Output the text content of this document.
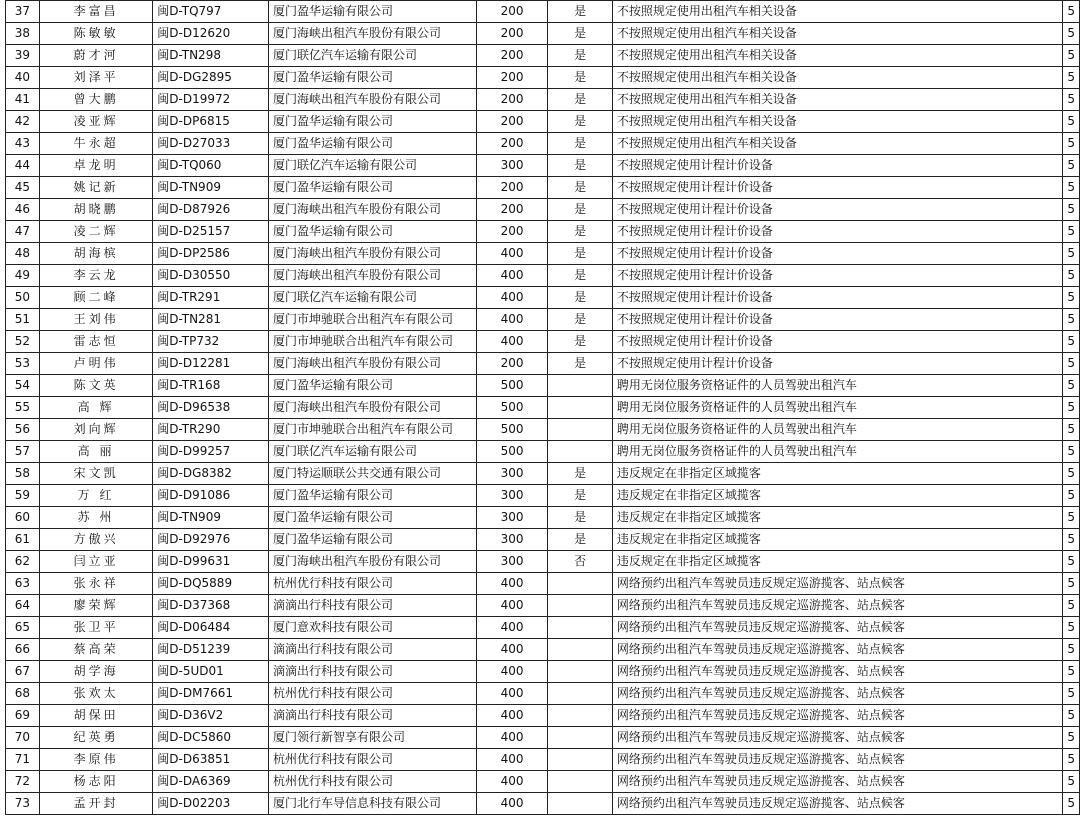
37	李富昌	闽D-TQ797	厦门盈华运输有限公司	200	是	不按照规定使用出租汽车相关设备	5
38	陈敏敏	闽D-D12620	厦门海峡出租汽车股份有限公司	200	是	不按照规定使用出租汽车相关设备	5
39	蔚才河	闽D-TN298	厦门联亿汽车运输有限公司	200	是	不按照规定使用出租汽车相关设备	5
40	刘泽平	闽D-DG2895	厦门盈华运输有限公司	200	是	不按照规定使用出租汽车相关设备	5
41	曾大鹏	闽D-D19972	厦门海峡出租汽车股份有限公司	200	是	不按照规定使用出租汽车相关设备	5
42	凌亚辉	闽D-DP6815	厦门盈华运输有限公司	200	是	不按照规定使用出租汽车相关设备	5
43	牛永超	闽D-D27033	厦门盈华运输有限公司	200	是	不按照规定使用出租汽车相关设备	5
44	卓龙明	闽D-TQ060	厦门联亿汽车运输有限公司	300	是	不按照规定使用计程计价设备	5
45	姚记新	闽D-TN909	厦门盈华运输有限公司	200	是	不按照规定使用计程计价设备	5
46	胡晓鹏	闽D-D87926	厦门海峡出租汽车股份有限公司	200	是	不按照规定使用计程计价设备	5
47	凌二辉	闽D-D25157	厦门盈华运输有限公司	200	是	不按照规定使用计程计价设备	5
48	胡海槟	闽D-DP2586	厦门海峡出租汽车股份有限公司	400	是	不按照规定使用计程计价设备	5
49	李云龙	闽D-D30550	厦门海峡出租汽车股份有限公司	400	是	不按照规定使用计程计价设备	5
50	顾二峰	闽D-TR291	厦门联亿汽车运输有限公司	400	是	不按照规定使用计程计价设备	5
51	王刘伟	闽D-TN281	厦门市坤驰联合出租汽车有限公司	400	是	不按照规定使用计程计价设备	5
52	雷志恒	闽D-TP732	厦门市坤驰联合出租汽车有限公司	400	是	不按照规定使用计程计价设备	5
53	卢明伟	闽D-D12281	厦门海峡出租汽车股份有限公司	200	是	不按照规定使用计程计价设备	5
54	陈文英	闽D-TR168	厦门盈华运输有限公司	500		聘用无岗位服务资格证件的人员驾驶出租汽车	5
55	高 辉	闽D-D96538	厦门海峡出租汽车股份有限公司	500		聘用无岗位服务资格证件的人员驾驶出租汽车	5
56	刘向辉	闽D-TR290	厦门市坤驰联合出租汽车有限公司	500		聘用无岗位服务资格证件的人员驾驶出租汽车	5
57	高 丽	闽D-D99257	厦门联亿汽车运输有限公司	500		聘用无岗位服务资格证件的人员驾驶出租汽车	5
58	宋文凯	闽D-DG8382	厦门特运顺联公共交通有限公司	300	是	违反规定在非指定区域揽客	5
59	万 红	闽D-D91086	厦门盈华运输有限公司	300	是	违反规定在非指定区域揽客	5
60	苏 州	闽D-TN909	厦门盈华运输有限公司	300	是	违反规定在非指定区域揽客	5
61	方傲兴	闽D-D92976	厦门盈华运输有限公司	300	是	违反规定在非指定区域揽客	5
62	闫立亚	闽D-D99631	厦门海峡出租汽车股份有限公司	300	否	违反规定在非指定区域揽客	5
63	张永祥	闽D-DQ5889	杭州优行科技有限公司	400		网络预约出租汽车驾驶员违反规定巡游揽客、站点候客	5
64	廖荣辉	闽D-D37368	滴滴出行科技有限公司	400		网络预约出租汽车驾驶员违反规定巡游揽客、站点候客	5
65	张卫平	闽D-D06484	厦门意欢科技有限公司	400		网络预约出租汽车驾驶员违反规定巡游揽客、站点候客	5
66	蔡高荣	闽D-D51239	滴滴出行科技有限公司	400		网络预约出租汽车驾驶员违反规定巡游揽客、站点候客	5
67	胡学海	闽D-5UD01	滴滴出行科技有限公司	400		网络预约出租汽车驾驶员违反规定巡游揽客、站点候客	5
68	张欢太	闽D-DM7661	杭州优行科技有限公司	400		网络预约出租汽车驾驶员违反规定巡游揽客、站点候客	5
69	胡保田	闽D-D36V2	滴滴出行科技有限公司	400		网络预约出租汽车驾驶员违反规定巡游揽客、站点候客	5
70	纪英勇	闽D-DC5860	厦门领行新智享有限公司	400		网络预约出租汽车驾驶员违反规定巡游揽客、站点候客	5
71	李原伟	闽D-D63851	杭州优行科技有限公司	400		网络预约出租汽车驾驶员违反规定巡游揽客、站点候客	5
72	杨志阳	闽D-DA6369	杭州优行科技有限公司	400		网络预约出租汽车驾驶员违反规定巡游揽客、站点候客	5
73	孟开封	闽D-D02203	厦门北行车导信息科技有限公司	400		网络预约出租汽车驾驶员违反规定巡游揽客、站点候客	5
